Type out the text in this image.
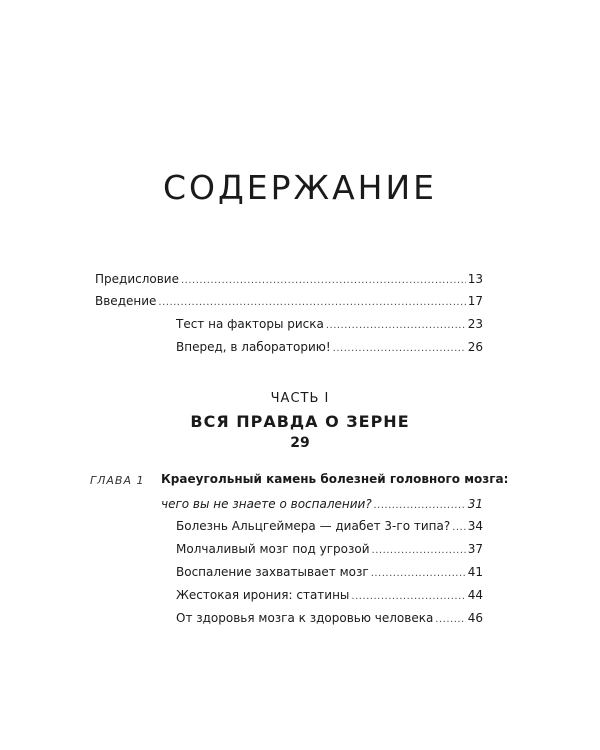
СОДЕРЖАНИЕ
Предисловие .....	13
Введение .....	17
Тест на факторы риска .....	23
Вперед, в лабораторию! .....	26
ЧАСТЬ I
ВСЯ ПРАВДА О ЗЕРНЕ
29
ГЛАВА 1 Краеугольный камень болезней головного мозга:
чего вы не знаете о воспалении? .....	31
Болезнь Альцгеймера — диабет 3-го типа? ..... 34
Молчаливый мозг под угрозой .....	37
Воспаление захватывает мозг .....	41
Жестокая ирония: статины .....	44
От здоровья мозга к здоровью человека .....	46
